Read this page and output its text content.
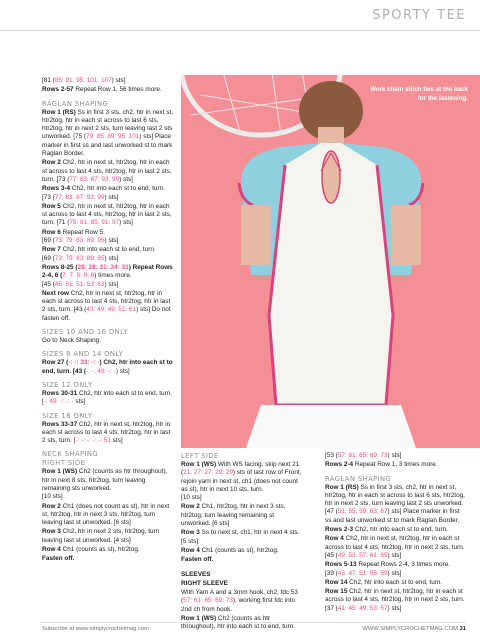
SPORTY TEE
Work chain stitch ties at the back for the fastening.

[81 (85: 91: 95: 101: 107) sts]

Rows 2-57 Repeat Row 1, 56 times more.

RAGLAN SHAPING

Row 1 (RS) Ss in first 3 sts, ch2, htr in next st, htr2tog, htr in each st across to last 6 sts, htr2tog, htr in next 2 sts, turn leaving last 2 sts unworked. [75 (79: 85: 89: 95: 101) sts] Place marker in first ss and last unworked st to mark Raglan Border.

Row 2 Ch2, htr in next st, htr2tog, htr in each st across to last 4 sts, htr2tog, htr in last 2 sts, turn. [73 (77: 83: 87: 93: 99) sts]

Rows 3-4 Ch2, htr into each st to end, turn. [73 (77: 83: 87: 93: 99) sts]

Row 5 Ch2, htr in next st, htr2tog, htr in each st across to last 4 sts, htr2tog, htr in last 2 sts, turn. [71 (75: 81: 85: 91: 97) sts]

Row 6 Repeat Row 5.
[69 (73: 79: 83: 89: 95) sts]

Row 7 Ch2, htr into each st to end, turn.
[69 (73: 79: 83: 89: 95) sts]

Rows 8-25 (28: 28: 31: 34: 31) Repeat Rows 2-4, 6 (7: 7: 8: 9: 8) times more.
[45 (45: 51: 51: 53: 63) sts]

Next row Ch2, htr in next st, htr2tog, htr in each st across to last 4 sts, htr2tog, htr in last 2 sts, turn. [43 (43: 49: 49: 51: 61) sts] Do not fasten off.

SIZES 10 AND 16 ONLY

Go to Neck Shaping.

SIZES 8 AND 14 ONLY

Row 27 (-: -: 33: -: -) Ch2, htr into each st to end, turn. [43 (-: -: 49: -: -) sts]

SIZE 12 ONLY

Rows 30-31 Ch2, htr into each st to end, turn. [-: 49: -: -: - sts]

SIZE 18 ONLY

Rows 33-37 Ch2, htr in next st, htr2tog, htr in each st across to last 4 sts, htr2tog, htr in last 2 sts, turn. [-: -: -: -: -: 51 sts]

NECK SHAPING
RIGHT SIDE

Row 1 (WS) Ch2 (counts as htr throughout), htr in next 8 sts, htr2tog, turn leaving remaining sts unworked.
[10 sts]

Row 2 Ch1 (does not count as st), htr in next st, htr2tog, htr in next 3 sts, htr2tog, turn leaving last st unworked. [6 sts]

Row 3 Ch2, htr in next 2 sts, htr2tog, turn leaving last st unworked. [4 sts]

Row 4 Ch1 (counts as st), htr2tog.

Fasten off.

LEFT SIDE

Row 1 (WS) With WS facing, skip next 21 (21: 27: 27: 29: 29) sts of last row of Front, rejoin yarn in next st, ch1 (does not count as st), htr in next 10 sts, turn.
[10 sts]

Row 2 Ch1, htr2tog, htr in next 3 sts, htr2tog, turn leaving remaining st unworked. [6 sts]

Row 3 Ss to next st, ch1, htr in next 4 sts.
[5 sts]

Row 4 Ch1 (counts as st), htr2tog.

Fasten off.

SLEEVES

RIGHT SLEEVE

With Yarn A and a 3mm hook, ch2, fdc 53 (57: 61: 65: 69: 73), working first fdc into 2nd ch from hook.

Row 1 (WS) Ch2 (counts as htr throughout), htr into each st to end, turn.

[53 (57: 61: 65: 69: 73) sts]

Rows 2-4 Repeat Row 1, 3 times more.

RAGLAN SHAPING

Row 1 (RS) Ss in first 3 sts, ch2, htr in next st, htr2tog, htr in each st across to last 6 sts, htr2tog, htr in next 2 sts, turn leaving last 2 sts unworked. [47 (51: 55: 59: 63: 67) sts] Place marker in first ss and last unworked st to mark Raglan Border.

Rows 2-3 Ch2, htr into each st to end, turn.

Row 4 Ch2, htr in next st, htr2tog, htr in each st across to last 4 sts, htr2tog, htr in next 2 sts, turn. [45 (49: 53: 57: 61: 65) sts]

Rows 5-13 Repeat Rows 2-4, 3 times more.
[39 (43: 47: 51: 55: 59) sts]

Row 14 Ch2, htr into each st to end, turn.

Row 15 Ch2, htr in next st, htr2tog, htr in each st across to last 4 sts, htr2tog, htr in next 2 sts, turn.
[37 (41: 45: 49: 53: 57) sts]

Subscribe at www.simplycrochetmag.com	WWW.SIMPLYCROCHETMAG.COM 31
